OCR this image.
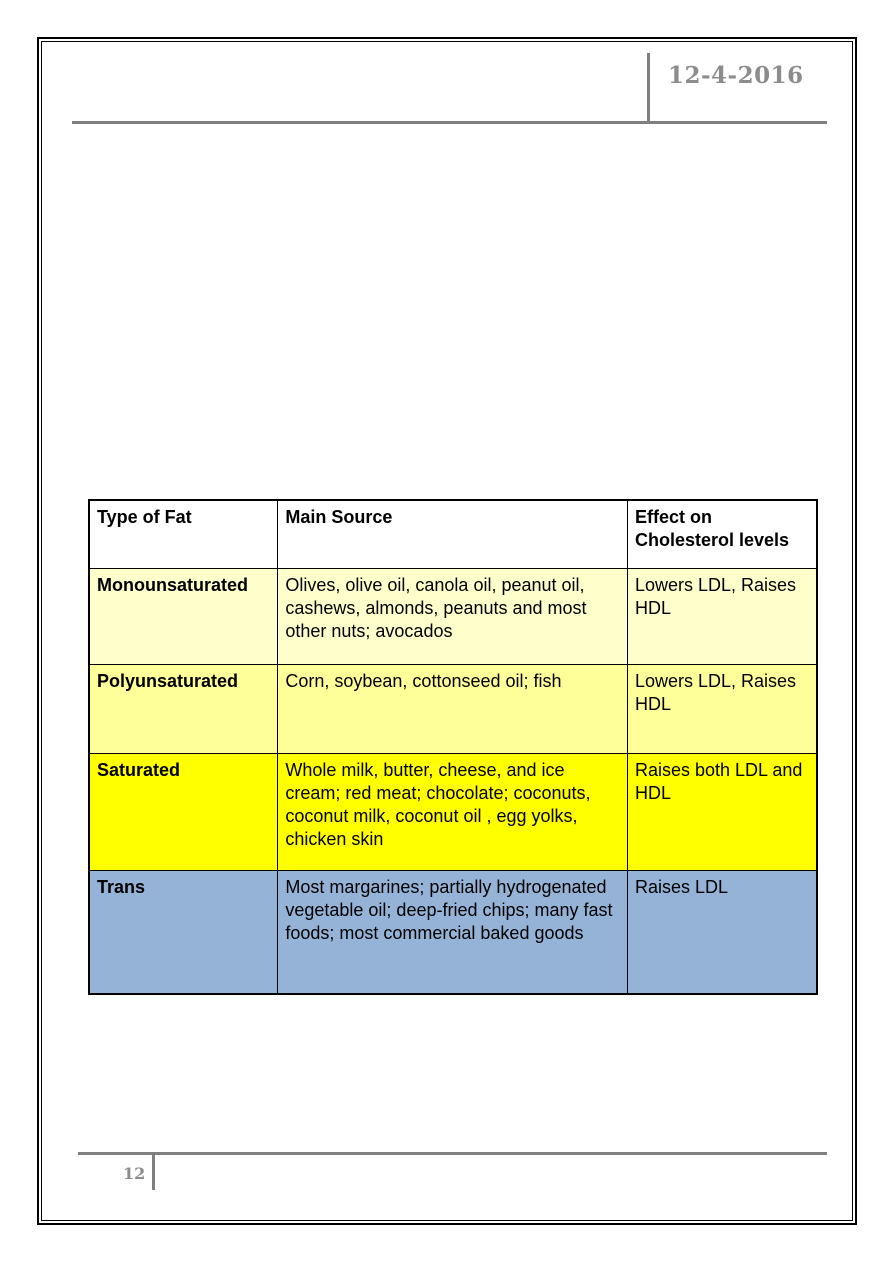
12-4-2016
Type of Fat	Main Source	Effect on Cholesterol levels
Monounsaturated	Olives, olive oil, canola oil, peanut oil, cashews, almonds, peanuts and most other nuts; avocados	Lowers LDL, Raises HDL
Polyunsaturated	Corn, soybean, cottonseed oil; fish	Lowers LDL, Raises HDL
Saturated	Whole milk, butter, cheese, and ice cream; red meat; chocolate; coconuts, coconut milk, coconut oil , egg yolks, chicken skin	Raises both LDL and HDL
Trans	Most margarines; partially hydrogenated vegetable oil; deep-fried chips; many fast foods; most commercial baked goods	Raises LDL
12
